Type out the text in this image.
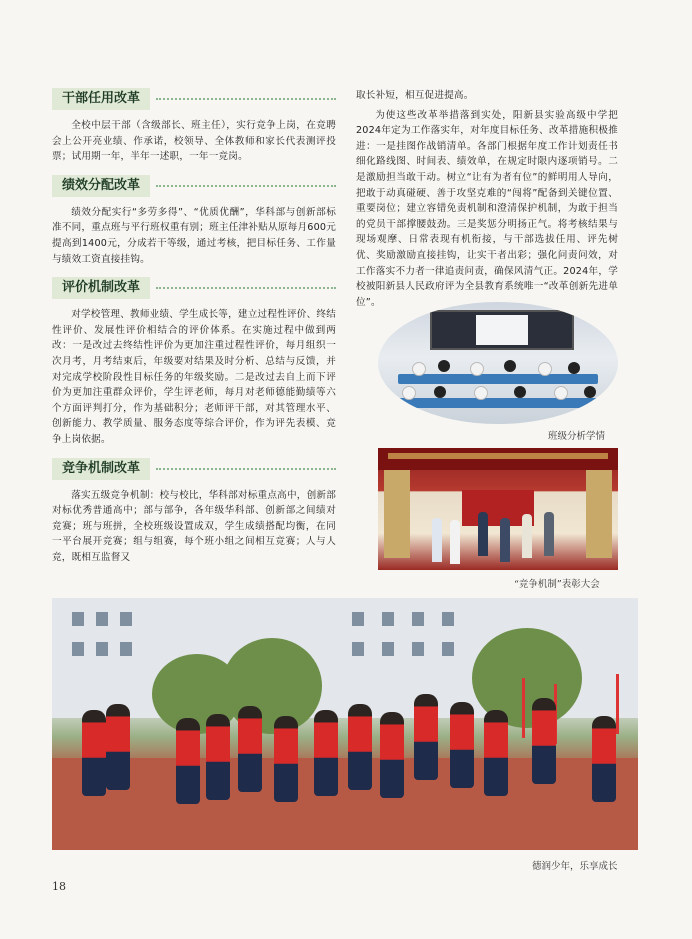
干部任用改革

全校中层干部（含级部长、班主任），实行竞争上岗，在竞聘会上公开亮业绩、作承诺，校领导、全体教师和家长代表测评投票；试用期一年，半年一述职，一年一竞岗。

绩效分配改革

绩效分配实行“多劳多得”、“优质优酬”，华科部与创新部标准不同，重点班与平行班权重有别；班主任津补贴从原每月600元提高到1400元，分成若干等级，通过考核，把目标任务、工作量与绩效工资直接挂钩。

评价机制改革

对学校管理、教师业绩、学生成长等，建立过程性评价、终结性评价、发展性评价相结合的评价体系。在实施过程中做到两改：一是改过去终结性评价为更加注重过程性评价，每月组织一次月考，月考结束后，年级要对结果及时分析、总结与反馈，并对完成学校阶段性目标任务的年级奖励。二是改过去自上而下评价为更加注重群众评价，学生评老师，每月对老师德能勤绩等六个方面评判打分，作为基础积分；老师评干部，对其管理水平、创新能力、教学质量、服务态度等综合评价，作为评先表模、竞争上岗依据。

竞争机制改革

落实五级竞争机制：校与校比，华科部对标重点高中，创新部对标优秀普通高中；部与部争，各年级华科部、创新部之间绩对竞赛；班与班拼，全校班级设置成双，学生成绩搭配均衡，在同一平台展开竞赛；组与组赛，每个班小组之间相互竞赛；人与人竞，既相互监督又

取长补短，相互促进提高。

为使这些改革举措落到实处，阳新县实验高级中学把2024年定为工作落实年，对年度目标任务、改革措施积极推进：一是挂图作战销清单。各部门根据年度工作计划责任书细化路线图、时间表、绩效单，在规定时限内逐项销号。二是激励担当敢干动。树立“让有为者有位”的鲜明用人导向，把敢于动真碰硬、善于攻坚克难的“闯将”配备到关键位置、重要岗位；建立容错免责机制和澄清保护机制，为敢于担当的党员干部撑腰鼓劲。三是奖惩分明扬正气。将考核结果与现场观摩、日常表现有机衔接，与干部选拔任用、评先树优、奖励激励直接挂钩，让实干者出彩；强化问责问效，对工作落实不力者一律追责问责，确保风清气正。2024年，学校被阳新县人民政府评为全县教育系统唯一“改革创新先进单位”。

班级分析学情
“竞争机制”表彰大会
德润少年，乐享成长
18
